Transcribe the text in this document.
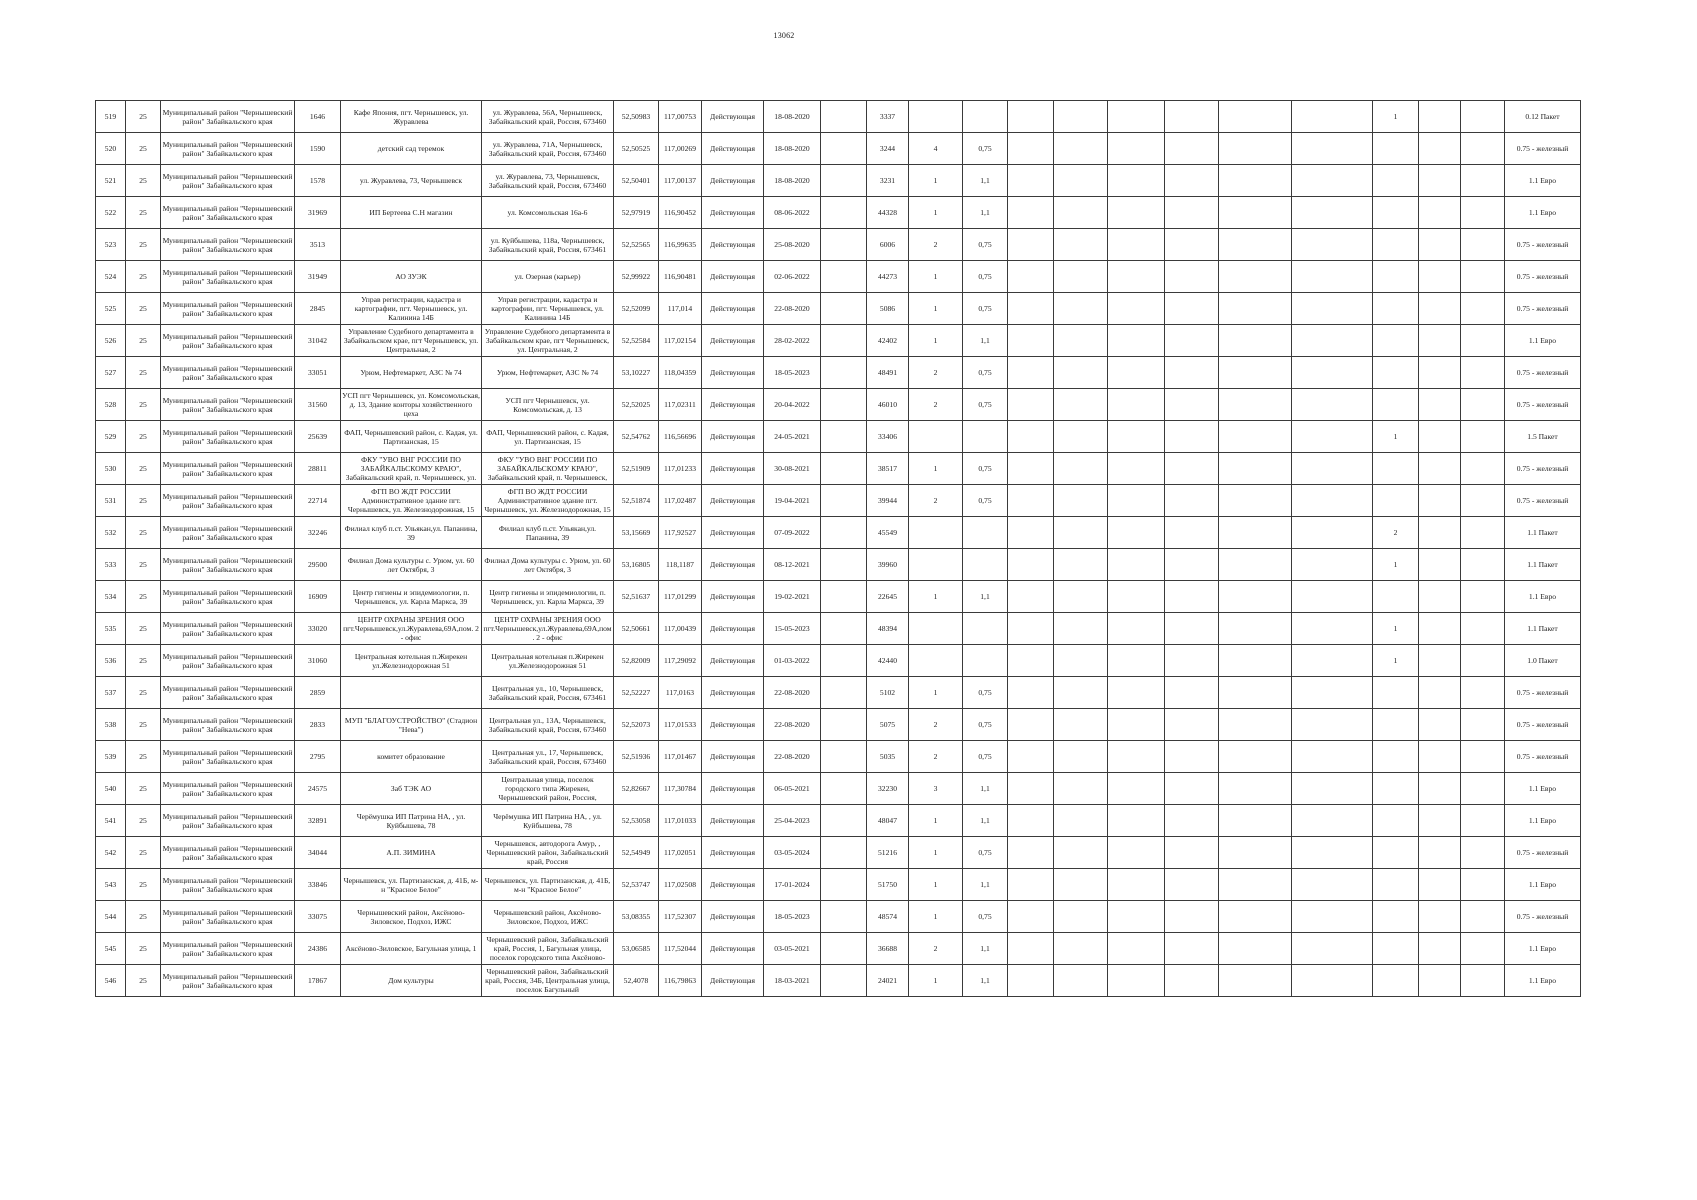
13062
519	25	Муниципальный район "Чернышевский район" Забайкальского края	1646	Кафе Япония, пгт. Чернышевск, ул. Журавлева	ул. Журавлева, 56А, Чернышевск, Забайкальский край, Россия, 673460	52,50983	117,00753	Действующая	18-08-2020		3337									1			0.12 Пакет

520	25	Муниципальный район "Чернышевский район" Забайкальского края	1590	детский сад теремок	ул. Журавлева, 71А, Чернышевск, Забайкальский край, Россия, 673460	52,50525	117,00269	Действующая	18-08-2020		3244	4	0,75										0.75 - железный

521	25	Муниципальный район "Чернышевский район" Забайкальского края	1578	ул. Журавлева, 73, Чернышевск	ул. Журавлева, 73, Чернышевск, Забайкальский край, Россия, 673460	52,50401	117,00137	Действующая	18-08-2020		3231	1	1,1										1.1 Евро

522	25	Муниципальный район "Чернышевский район" Забайкальского края	31969	ИП Бертеева С.Н магазин	ул. Комсомольская 16а-6	52,97919	116,90452	Действующая	08-06-2022		44328	1	1,1										1.1 Евро

523	25	Муниципальный район "Чернышевский район" Забайкальского края	3513		ул. Куйбышева, 118а, Чернышевск, Забайкальский край, Россия, 673461	52,52565	116,99635	Действующая	25-08-2020		6006	2	0,75										0.75 - железный

524	25	Муниципальный район "Чернышевский район" Забайкальского края	31949	АО ЗУЭК	ул. Озерная (карьер)	52,99922	116,90481	Действующая	02-06-2022		44273	1	0,75										0.75 - железный

525	25	Муниципальный район "Чернышевский район" Забайкальского края	2845	Управ регистрации, кадастра и картографии, пгт. Чернышевск, ул. Калинина 14Б	Управ регистрации, кадастра и картографии, пгт. Чернышевск, ул. Калинина 14Б	52,52099	117,014	Действующая	22-08-2020		5086	1	0,75										0.75 - железный

526	25	Муниципальный район "Чернышевский район" Забайкальского края	31042	Управление Судебного департамента в Забайкальском крае, пгт Чернышевск, ул. Центральная, 2	Управление Судебного департамента в Забайкальском крае, пгт Чернышевск, ул. Центральная, 2	52,52584	117,02154	Действующая	28-02-2022		42402	1	1,1										1.1 Евро

527	25	Муниципальный район "Чернышевский район" Забайкальского края	33051	Урюм, Нефтемаркет, АЗС № 74	Урюм, Нефтемаркет, АЗС № 74	53,10227	118,04359	Действующая	18-05-2023		48491	2	0,75										0.75 - железный

528	25	Муниципальный район "Чернышевский район" Забайкальского края	31560	УСП пгт Чернышевск, ул. Комсомольская, д. 13, Здание конторы хозяйственного цеха	УСП пгт Чернышевск, ул. Комсомольская, д. 13	52,52025	117,02311	Действующая	20-04-2022		46010	2	0,75										0.75 - железный

529	25	Муниципальный район "Чернышевский район" Забайкальского края	25639	ФАП, Чернышевский район, с. Кадая, ул. Партизанская, 15	ФАП, Чернышевский район, с. Кадая, ул. Партизанская, 15	52,54762	116,56696	Действующая	24-05-2021		33406									1			1.5 Пакет

530	25	Муниципальный район "Чернышевский район" Забайкальского края	28811	ФКУ "УВО ВНГ РОССИИ ПО ЗАБАЙКАЛЬСКОМУ КРАЮ", Забайкальский край, п. Чернышевск, ул.	ФКУ "УВО ВНГ РОССИИ ПО ЗАБАЙКАЛЬСКОМУ КРАЮ", Забайкальский край, п. Чернышевск,	52,51909	117,01233	Действующая	30-08-2021		38517	1	0,75										0.75 - железный

531	25	Муниципальный район "Чернышевский район" Забайкальского края	22714	ФГП ВО ЖДТ РОССИИ Административное здание пгт. Чернышевск, ул. Железнодорожная, 15	ФГП ВО ЖДТ РОССИИ Административное здание пгт. Чернышевск, ул. Железнодорожная, 15	52,51874	117,02487	Действующая	19-04-2021		39944	2	0,75										0.75 - железный

532	25	Муниципальный район "Чернышевский район" Забайкальского края	32246	Филиал клуб п.ст. Ульякан,ул. Папанина, 39	Филиал клуб п.ст. Ульякан,ул. Папанина, 39	53,15669	117,92527	Действующая	07-09-2022		45549									2			1.1 Пакет

533	25	Муниципальный район "Чернышевский район" Забайкальского края	29500	Филиал Дома культуры с. Урюм, ул. 60 лет Октября, 3	Филиал Дома культуры с. Урюм, ул. 60 лет Октября, 3	53,16805	118,1187	Действующая	08-12-2021		39960									1			1.1 Пакет

534	25	Муниципальный район "Чернышевский район" Забайкальского края	16909	Центр гигиены и эпидемиологии, п. Чернышевск, ул. Карла Маркса, 39	Центр гигиены и эпидемиологии, п. Чернышевск, ул. Карла Маркса, 39	52,51637	117,01299	Действующая	19-02-2021		22645	1	1,1										1.1 Евро

535	25	Муниципальный район "Чернышевский район" Забайкальского края	33020	ЦЕНТР ОХРАНЫ ЗРЕНИЯ ООО пгт.Чернышевск,ул.Журавлева,69А,пом. 2 - офис	ЦЕНТР ОХРАНЫ ЗРЕНИЯ ООО пгт.Чернышевск,ул.Журавлева,69А,пом. 2 - офис	52,50661	117,00439	Действующая	15-05-2023		48394									1			1.1 Пакет

536	25	Муниципальный район "Чернышевский район" Забайкальского края	31060	Центральная котельная п.Жирекен ул.Железнодорожная 51	Центральная котельная п.Жирекен ул.Железнодорожная 51	52,82009	117,29092	Действующая	01-03-2022		42440									1			1.0 Пакет

537	25	Муниципальный район "Чернышевский район" Забайкальского края	2859		Центральная ул., 10, Чернышевск, Забайкальский край, Россия, 673461	52,52227	117,0163	Действующая	22-08-2020		5102	1	0,75										0.75 - железный

538	25	Муниципальный район "Чернышевский район" Забайкальского края	2833	МУП "БЛАГОУСТРОЙСТВО" (Стадион "Нева")	Центральная ул., 13А, Чернышевск, Забайкальский край, Россия, 673460	52,52073	117,01533	Действующая	22-08-2020		5075	2	0,75										0.75 - железный

539	25	Муниципальный район "Чернышевский район" Забайкальского края	2795	комитет образование	Центральная ул., 17, Чернышевск, Забайкальский край, Россия, 673460	52,51936	117,01467	Действующая	22-08-2020		5035	2	0,75										0.75 - железный

540	25	Муниципальный район "Чернышевский район" Забайкальского края	24575	Заб ТЭК АО	Центральная улица, поселок городского типа Жирекен, Чернышевский район, Россия,	52,82667	117,30784	Действующая	06-05-2021		32230	3	1,1										1.1 Евро

541	25	Муниципальный район "Чернышевский район" Забайкальского края	32891	Черёмушка ИП Патрина НА, , ул. Куйбышева, 78	Черёмушка ИП Патрина НА, , ул. Куйбышева, 78	52,53058	117,01033	Действующая	25-04-2023		48047	1	1,1										1.1 Евро

542	25	Муниципальный район "Чернышевский район" Забайкальского края	34044	А.П. ЗИМИНА	Чернышевск, автодорога Амур, , Чернышевский район, Забайкальский край, Россия	52,54949	117,02051	Действующая	03-05-2024		51216	1	0,75										0.75 - железный

543	25	Муниципальный район "Чернышевский район" Забайкальского края	33846	Чернышевск, ул. Партизанская, д. 41Б, м-н "Красное Белое"	Чернышевск, ул. Партизанская, д. 41Б, м-н "Красное Белое"	52,53747	117,02508	Действующая	17-01-2024		51750	1	1,1										1.1 Евро

544	25	Муниципальный район "Чернышевский район" Забайкальского края	33075	Чернышевский район, Аксёново-Зиловское, Подхоз, ИЖС	Чернышевский район, Аксёново-Зиловское, Подхоз, ИЖС	53,08355	117,52307	Действующая	18-05-2023		48574	1	0,75										0.75 - железный

545	25	Муниципальный район "Чернышевский район" Забайкальского края	24386	Аксёново-Зиловское, Багульная улица, 1	Чернышевский район, Забайкальский край, Россия, 1, Багульная улица, поселок городского типа Аксёново-	53,06585	117,52044	Действующая	03-05-2021		36688	2	1,1										1.1 Евро

546	25	Муниципальный район "Чернышевский район" Забайкальского края	17867	Дом культуры	Чернышевский район, Забайкальский край, Россия, 34Б, Центральная улица, поселок Багульный	52,4078	116,79863	Действующая	18-03-2021		24021	1	1,1										1.1 Евро
